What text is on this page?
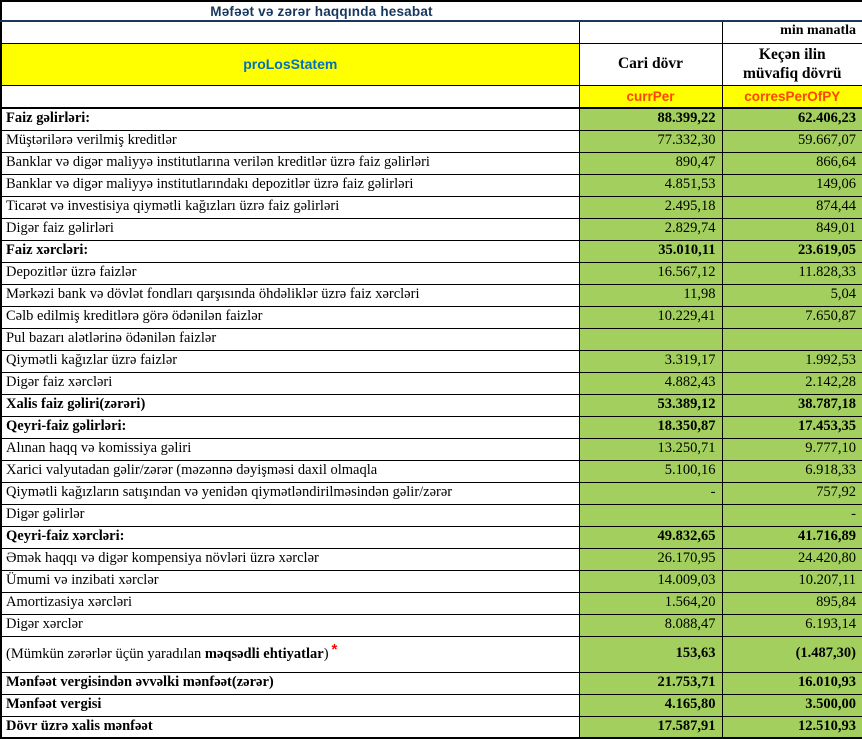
Məfəət və zərər haqqında hesabat		
		min manatla
proLosStatem	Cari dövr	Keçən ilin müvafiq dövrü
	currPer	corresPerOfPY
Faiz gəlirləri:	88.399,22	62.406,23
Müştərilərə verilmiş kreditlər	77.332,30	59.667,07
Banklar və digər maliyyə institutlarına verilən kreditlər üzrə faiz gəlirləri	890,47	866,64
Banklar və digər maliyyə institutlarındakı depozitlər üzrə faiz gəlirləri	4.851,53	149,06
Ticarət və investisiya qiymətli kağızları üzrə faiz gəlirləri	2.495,18	874,44
Digər faiz gəlirləri	2.829,74	849,01
Faiz xərcləri:	35.010,11	23.619,05
Depozitlər üzrə faizlər	16.567,12	11.828,33
Mərkəzi bank və dövlət fondları qarşısında öhdəliklər üzrə faiz xərcləri	11,98	5,04
Cəlb edilmiş kreditlərə görə ödənilən faizlər	10.229,41	7.650,87
Pul bazarı alətlərinə ödənilən faizlər		
Qiymətli kağızlar üzrə faizlər	3.319,17	1.992,53
Digər faiz xərcləri	4.882,43	2.142,28
Xalis faiz gəliri(zərəri)	53.389,12	38.787,18
Qeyri-faiz gəlirləri:	18.350,87	17.453,35
Alınan haqq və komissiya gəliri	13.250,71	9.777,10
Xarici valyutadan gəlir/zərər (məzənnə dəyişməsi daxil olmaqla	5.100,16	6.918,33
Qiymətli kağızların satışından və yenidən qiymətləndirilməsindən gəlir/zərər	-	757,92
Digər gəlirlər		-
Qeyri-faiz xərcləri:	49.832,65	41.716,89
Əmək haqqı və digər kompensiya növləri üzrə xərclər	26.170,95	24.420,80
Ümumi və inzibati xərclər	14.009,03	10.207,11
Amortizasiya xərcləri	1.564,20	895,84
Digər xərclər	8.088,47	6.193,14
(Mümkün zərərlər üçün yaradılan məqsədli ehtiyatlar) *	153,63	(1.487,30)
Mənfəət vergisindən əvvəlki mənfəət(zərər)	21.753,71	16.010,93
Mənfəət vergisi	4.165,80	3.500,00
Dövr üzrə xalis mənfəət	17.587,91	12.510,93
